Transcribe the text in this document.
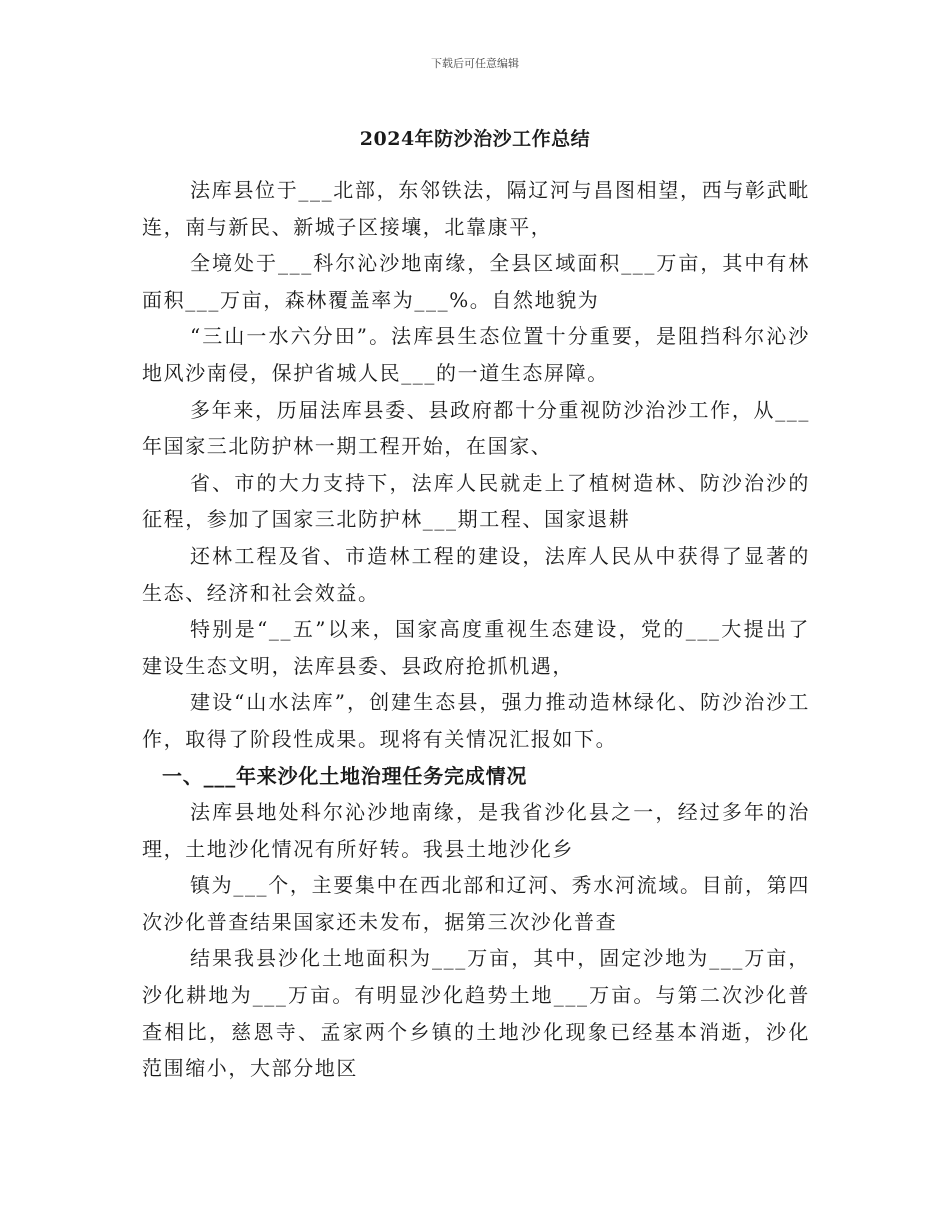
下载后可任意编辑
2024年防沙治沙工作总结

法库县位于___北部，东邻铁法，隔辽河与昌图相望，西与彰武毗连，南与新民、新城子区接壤，北靠康平，

全境处于___科尔沁沙地南缘，全县区域面积___万亩，其中有林面积___万亩，森林覆盖率为___%。自然地貌为

“三山一水六分田”。法库县生态位置十分重要，是阻挡科尔沁沙地风沙南侵，保护省城人民___的一道生态屏障。

多年来，历届法库县委、县政府都十分重视防沙治沙工作，从___年国家三北防护林一期工程开始，在国家、

省、市的大力支持下，法库人民就走上了植树造林、防沙治沙的征程，参加了国家三北防护林___期工程、国家退耕

还林工程及省、市造林工程的建设，法库人民从中获得了显著的生态、经济和社会效益。

特别是“__五”以来，国家高度重视生态建设，党的___大提出了建设生态文明，法库县委、县政府抢抓机遇，

建设“山水法库”，创建生态县，强力推动造林绿化、防沙治沙工作，取得了阶段性成果。现将有关情况汇报如下。

一、___年来沙化土地治理任务完成情况

法库县地处科尔沁沙地南缘，是我省沙化县之一，经过多年的治理，土地沙化情况有所好转。我县土地沙化乡

镇为___个，主要集中在西北部和辽河、秀水河流域。目前，第四次沙化普查结果国家还未发布，据第三次沙化普查

结果我县沙化土地面积为___万亩，其中，固定沙地为___万亩，沙化耕地为___万亩。有明显沙化趋势土地___万亩。与第二次沙化普查相比，慈恩寺、孟家两个乡镇的土地沙化现象已经基本消逝，沙化范围缩小，大部分地区
